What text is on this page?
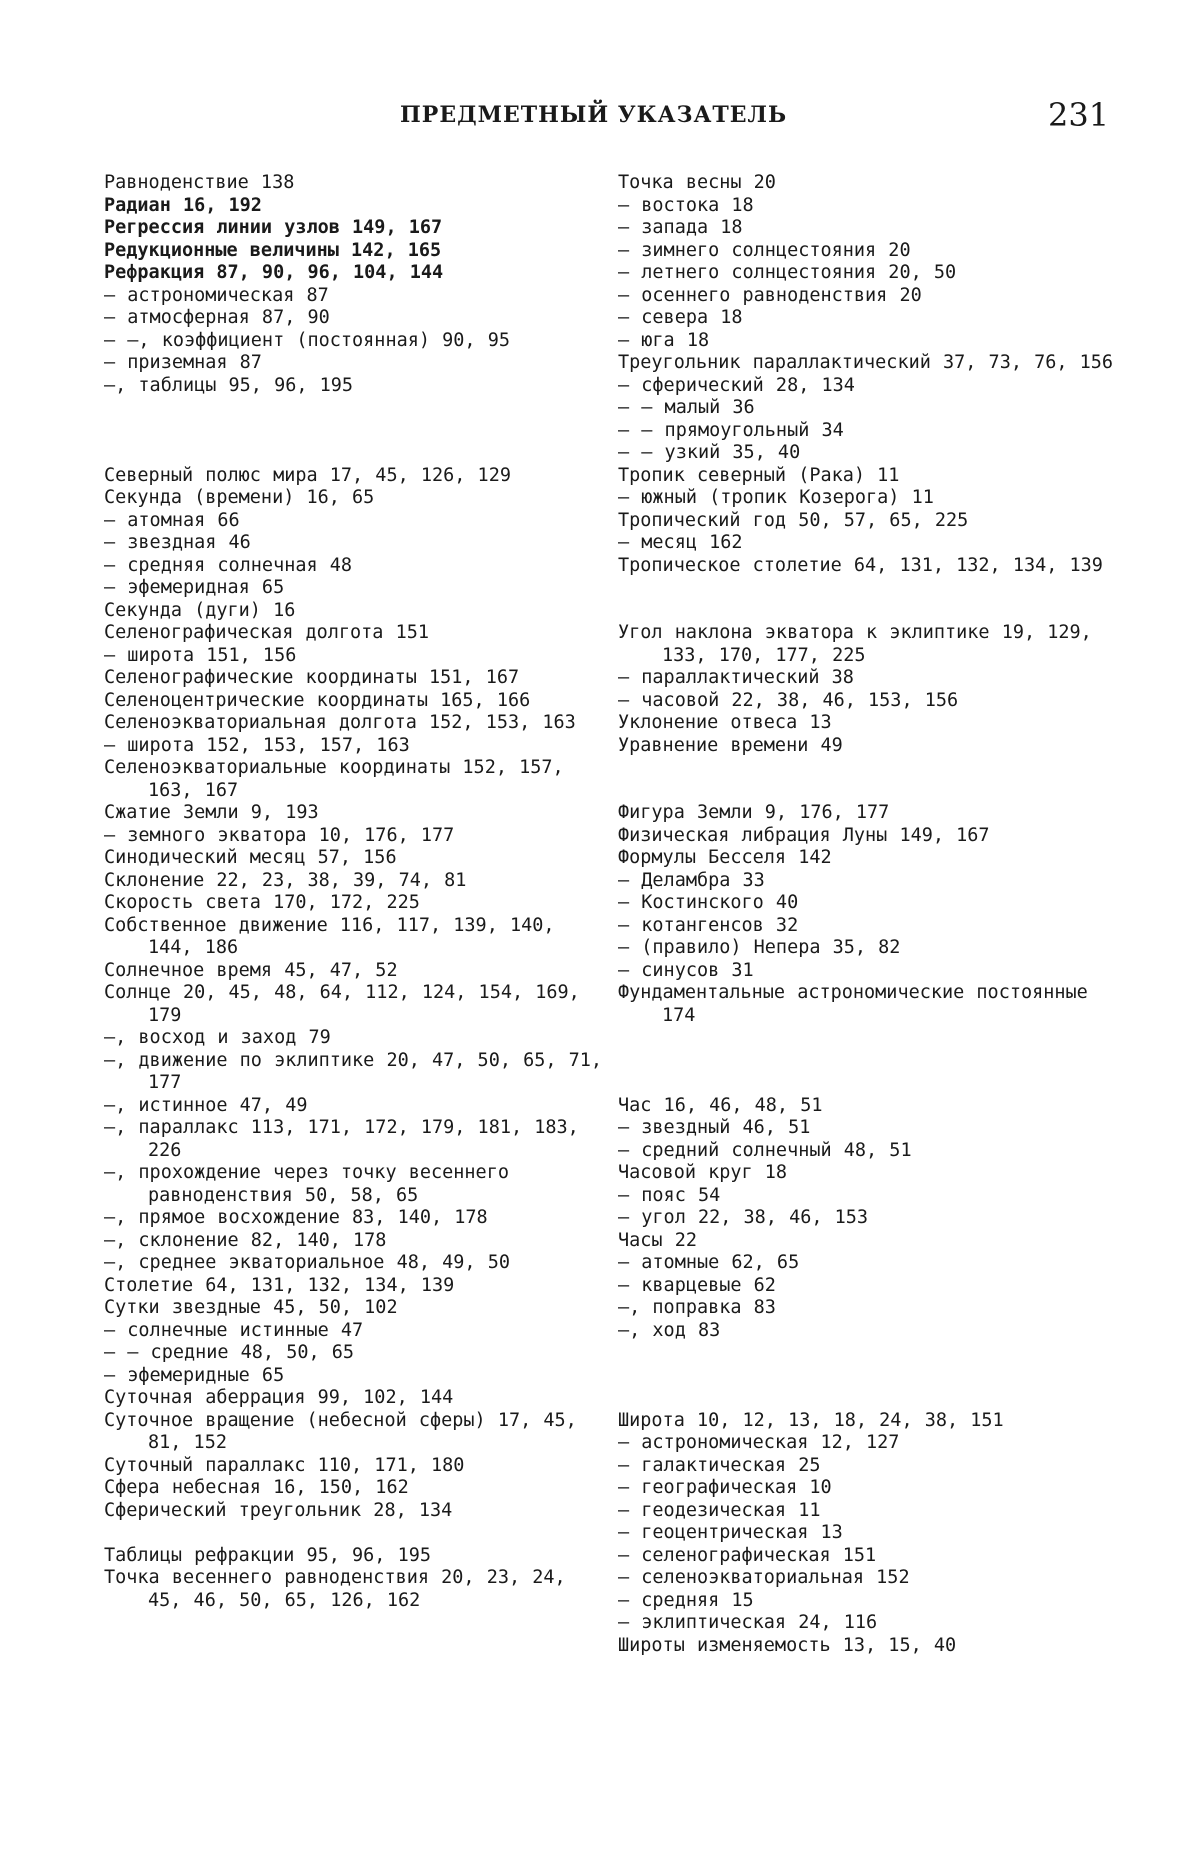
ПРЕДМЕТНЫЙ УКАЗАТЕЛЬ	231
Равноденствие 138
Радиан 16, 192
Регрессия линии узлов 149, 167
Редукционные величины 142, 165
Рефракция 87, 90, 96, 104, 144
— астрономическая 87
— атмосферная 87, 90
— —, коэффициент (постоянная) 90, 95
— приземная 87
—, таблицы 95, 96, 195
Северный полюс мира 17, 45, 126, 129
Секунда (времени) 16, 65
— атомная 66
— звездная 46
— средняя солнечная 48
— эфемеридная 65
Секунда (дуги) 16
Селенографическая долгота 151
— широта 151, 156
Селенографические координаты 151, 167
Селеноцентрические координаты 165, 166
Селеноэкваториальная долгота 152, 153, 163
— широта 152, 153, 157, 163
Селеноэкваториальные координаты 152, 157, 163, 167
Сжатие Земли 9, 193
— земного экватора 10, 176, 177
Синодический месяц 57, 156
Склонение 22, 23, 38, 39, 74, 81
Скорость света 170, 172, 225
Собственное движение 116, 117, 139, 140, 144, 186
Солнечное время 45, 47, 52
Солнце 20, 45, 48, 64, 112, 124, 154, 169, 179
—, восход и заход 79
—, движение по эклиптике 20, 47, 50, 65, 71, 177
—, истинное 47, 49
—, параллакс 113, 171, 172, 179, 181, 183, 226
—, прохождение через точку весеннего равноденствия 50, 58, 65
—, прямое восхождение 83, 140, 178
—, склонение 82, 140, 178
—, среднее экваториальное 48, 49, 50
Столетие 64, 131, 132, 134, 139
Сутки звездные 45, 50, 102
— солнечные истинные 47
— — средние 48, 50, 65
— эфемеридные 65
Суточная аберрация 99, 102, 144
Суточное вращение (небесной сферы) 17, 45, 81, 152
Суточный параллакс 110, 171, 180
Сфера небесная 16, 150, 162
Сферический треугольник 28, 134
Таблицы рефракции 95, 96, 195
Точка весеннего равноденствия 20, 23, 24, 45, 46, 50, 65, 126, 162
Точка весны 20
— востока 18
— запада 18
— зимнего солнцестояния 20
— летнего солнцестояния 20, 50
— осеннего равноденствия 20
— севера 18
— юга 18
Треугольник параллактический 37, 73, 76, 156
— сферический 28, 134
— — малый 36
— — прямоугольный 34
— — узкий 35, 40
Тропик северный (Рака) 11
— южный (тропик Козерога) 11
Тропический год 50, 57, 65, 225
— месяц 162
Тропическое столетие 64, 131, 132, 134, 139
Угол наклона экватора к эклиптике 19, 129, 133, 170, 177, 225
— параллактический 38
— часовой 22, 38, 46, 153, 156
Уклонение отвеса 13
Уравнение времени 49
Фигура Земли 9, 176, 177
Физическая либрация Луны 149, 167
Формулы Бесселя 142
— Деламбра 33
— Костинского 40
— котангенсов 32
— (правило) Непера 35, 82
— синусов 31
Фундаментальные астрономические постоянные 174
Час 16, 46, 48, 51
— звездный 46, 51
— средний солнечный 48, 51
Часовой круг 18
— пояс 54
— угол 22, 38, 46, 153
Часы 22
— атомные 62, 65
— кварцевые 62
—, поправка 83
—, ход 83
Широта 10, 12, 13, 18, 24, 38, 151
— астрономическая 12, 127
— галактическая 25
— географическая 10
— геодезическая 11
— геоцентрическая 13
— селенографическая 151
— селеноэкваториальная 152
— средняя 15
— эклиптическая 24, 116
Широты изменяемость 13, 15, 40
